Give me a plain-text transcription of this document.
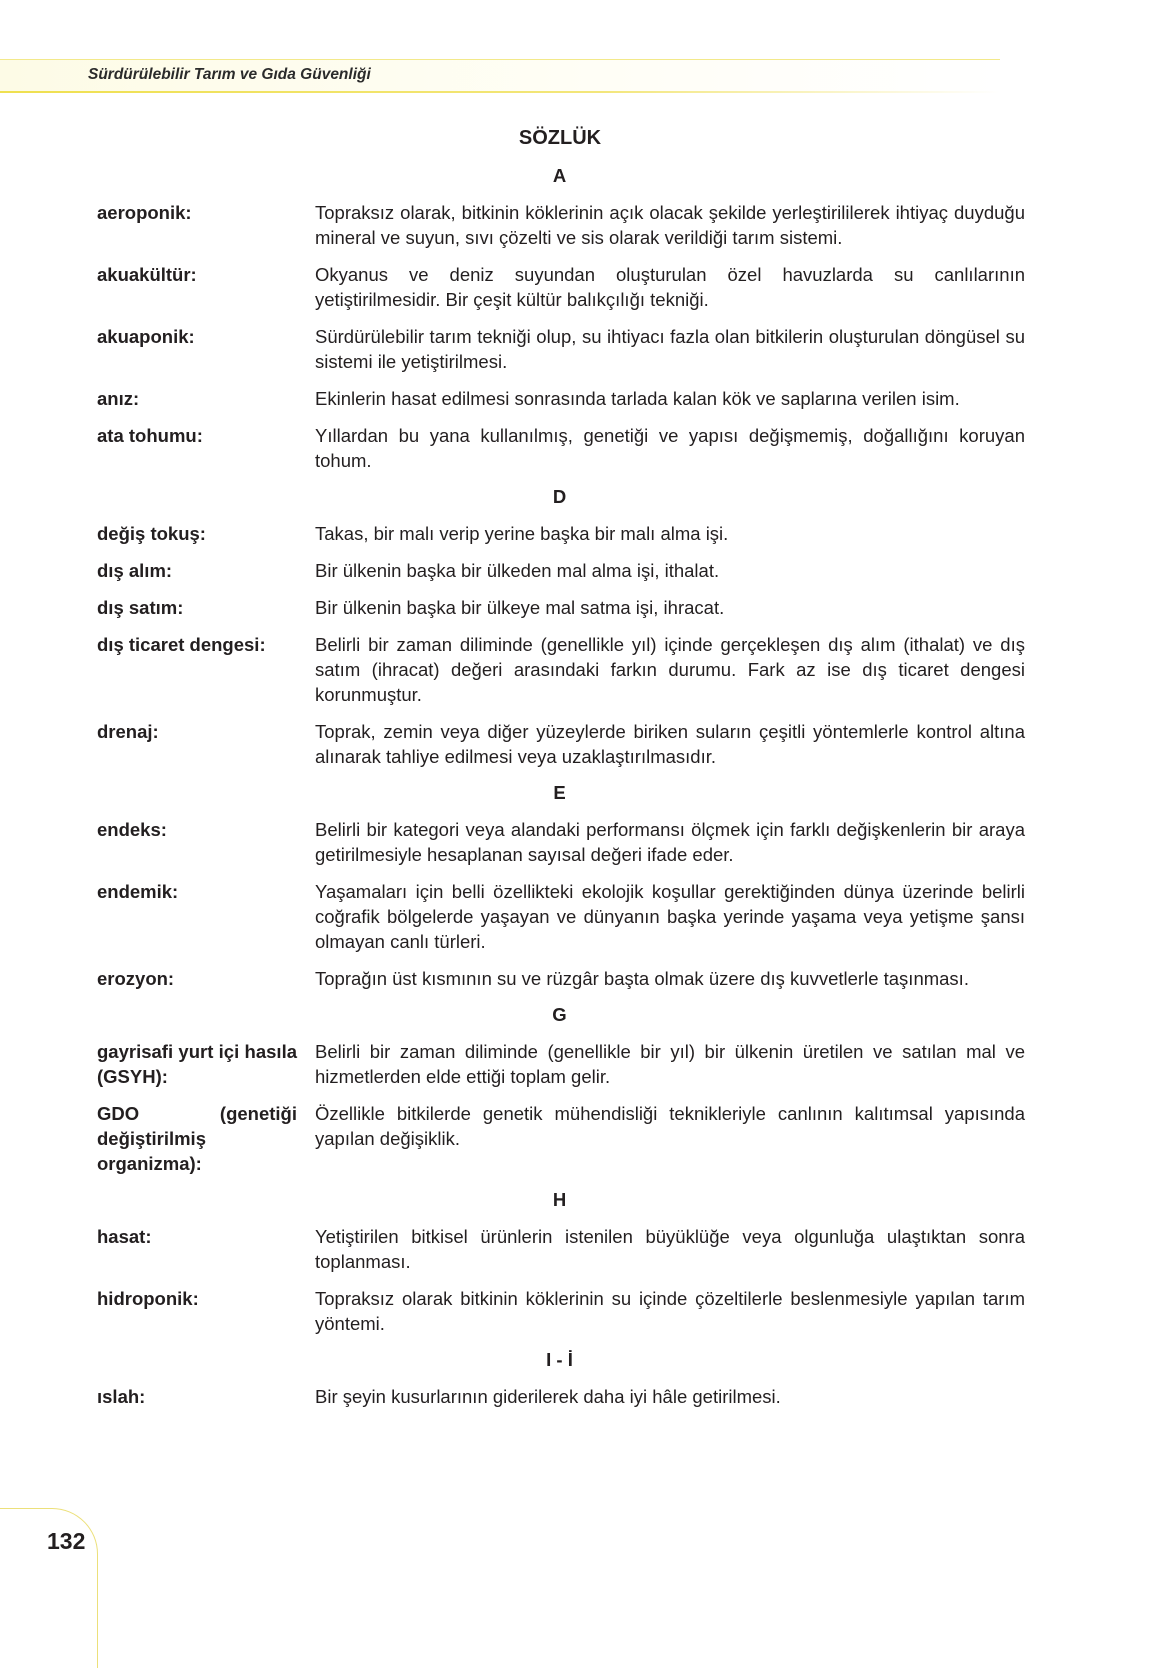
Sürdürülebilir Tarım ve Gıda Güvenliği
SÖZLÜK
A
aeroponik:	Topraksız olarak, bitkinin köklerinin açık olacak şekilde yerleştirililerek ihtiyaç duyduğu mineral ve suyun, sıvı çözelti ve sis olarak verildiği tarım sistemi.
akuakültür:	Okyanus ve deniz suyundan oluşturulan özel havuzlarda su canlılarının yetiştirilmesidir. Bir çeşit kültür balıkçılığı tekniği.
akuaponik:	Sürdürülebilir tarım tekniği olup, su ihtiyacı fazla olan bitkilerin oluşturulan döngüsel su sistemi ile yetiştirilmesi.
anız:	Ekinlerin hasat edilmesi sonrasında tarlada kalan kök ve saplarına verilen isim.
ata tohumu:	Yıllardan bu yana kullanılmış, genetiği ve yapısı değişmemiş, doğallığını koruyan tohum.
D
değiş tokuş:	Takas, bir malı verip yerine başka bir malı alma işi.
dış alım:	Bir ülkenin başka bir ülkeden mal alma işi, ithalat.
dış satım:	Bir ülkenin başka bir ülkeye mal satma işi, ihracat.
dış ticaret dengesi:	Belirli bir zaman diliminde (genellikle yıl) içinde gerçekleşen dış alım (ithalat) ve dış satım (ihracat) değeri arasındaki farkın durumu. Fark az ise dış ticaret dengesi korunmuştur.
drenaj:	Toprak, zemin veya diğer yüzeylerde biriken suların çeşitli yöntemlerle kontrol altına alınarak tahliye edilmesi veya uzaklaştırılmasıdır.
E
endeks:	Belirli bir kategori veya alandaki performansı ölçmek için farklı değişkenlerin bir araya getirilmesiyle hesaplanan sayısal değeri ifade eder.
endemik:	Yaşamaları için belli özellikteki ekolojik koşullar gerektiğinden dünya üzerinde belirli coğrafik bölgelerde yaşayan ve dünyanın başka yerinde yaşama veya yetişme şansı olmayan canlı türleri.
erozyon:	Toprağın üst kısmının su ve rüzgâr başta olmak üzere dış kuvvetlerle taşınması.
G
gayrisafi yurt içi hasıla (GSYH):
Belirli bir zaman diliminde (genellikle bir yıl) bir ülkenin üretilen ve satılan mal ve hizmetlerden elde ettiği toplam gelir.
GDO (genetiği değiştirilmiş organizma):
Özellikle bitkilerde genetik mühendisliği teknikleriyle canlının kalıtımsal yapısında yapılan değişiklik.
H
hasat:	Yetiştirilen bitkisel ürünlerin istenilen büyüklüğe veya olgunluğa ulaştıktan sonra toplanması.
hidroponik:	Topraksız olarak bitkinin köklerinin su içinde çözeltilerle beslenmesiyle yapılan tarım yöntemi.
I - İ
ıslah:	Bir şeyin kusurlarının giderilerek daha iyi hâle getirilmesi.
132
